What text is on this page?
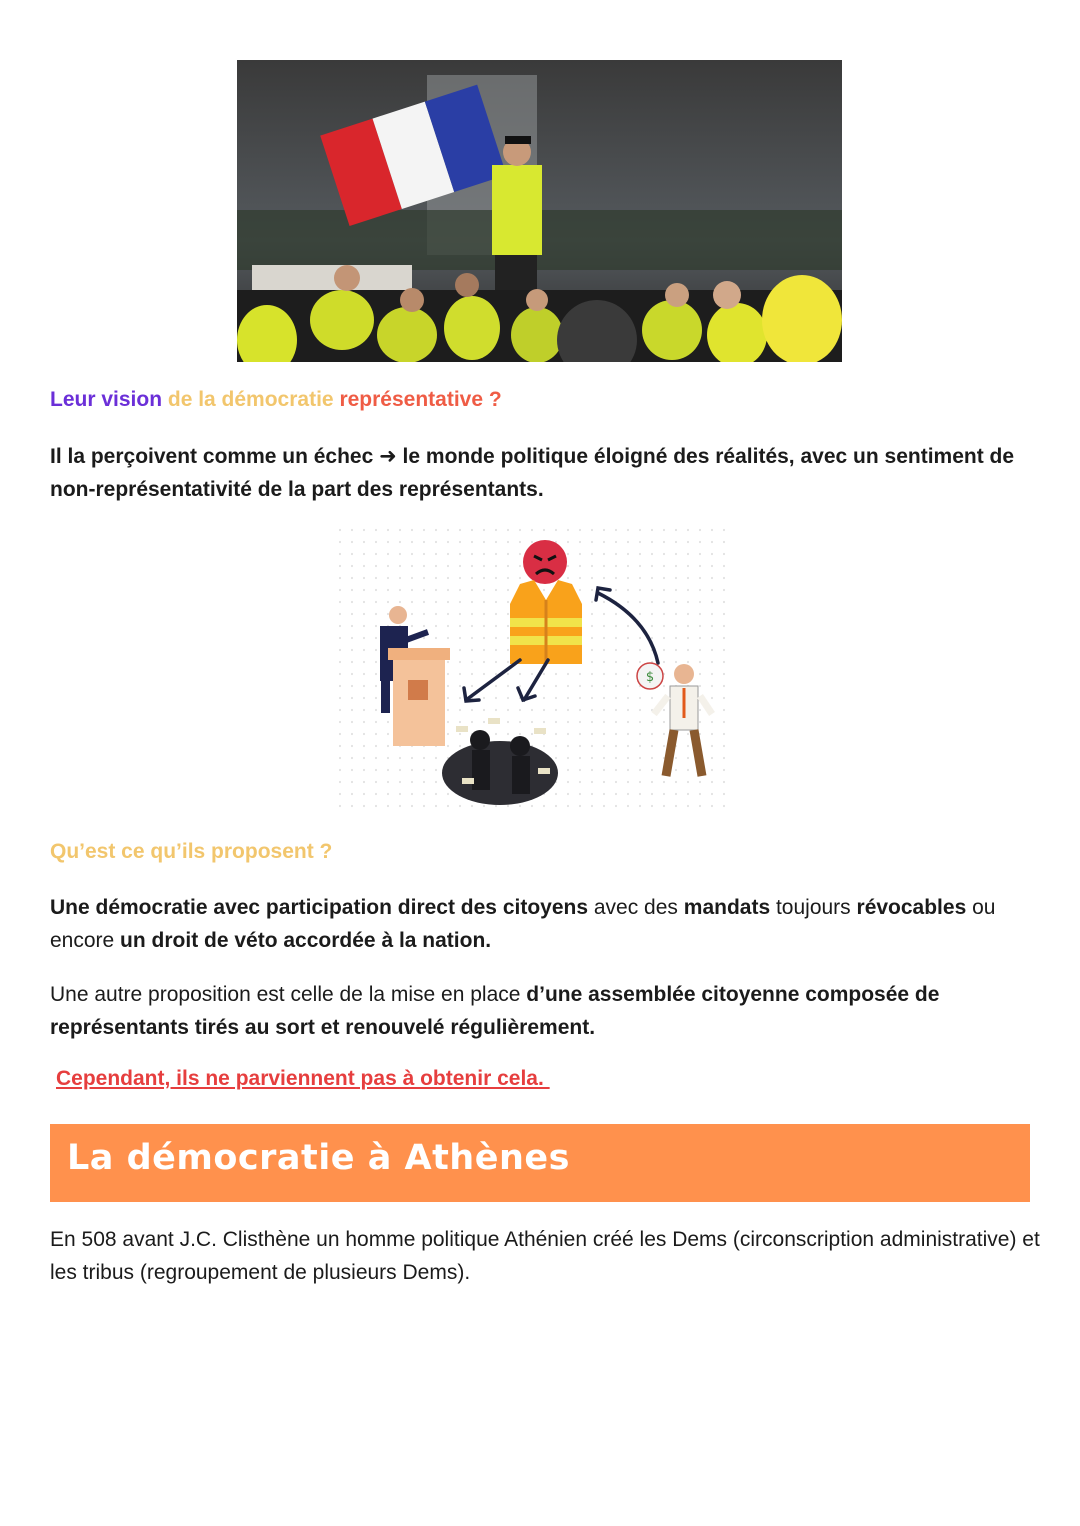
Leur vision de la démocratie représentative ?

Il la perçoivent comme un échec ➜ le monde politique éloigné des réalités, avec un sentiment de non-représentativité de la part des représentants.

$
Qu’est ce qu’ils proposent ?

Une démocratie avec participation direct des citoyens avec des mandats toujours révocables ou encore un droit de véto accordée à la nation.

Une autre proposition est celle de la mise en place d’une assemblée citoyenne composée de représentants tirés au sort et renouvelé régulièrement.

Cependant, ils ne parviennent pas à obtenir cela.
La démocratie à Athènes

En 508 avant J.C. Clisthène un homme politique Athénien créé les Dems (circonscription administrative) et les tribus (regroupement de plusieurs Dems).
